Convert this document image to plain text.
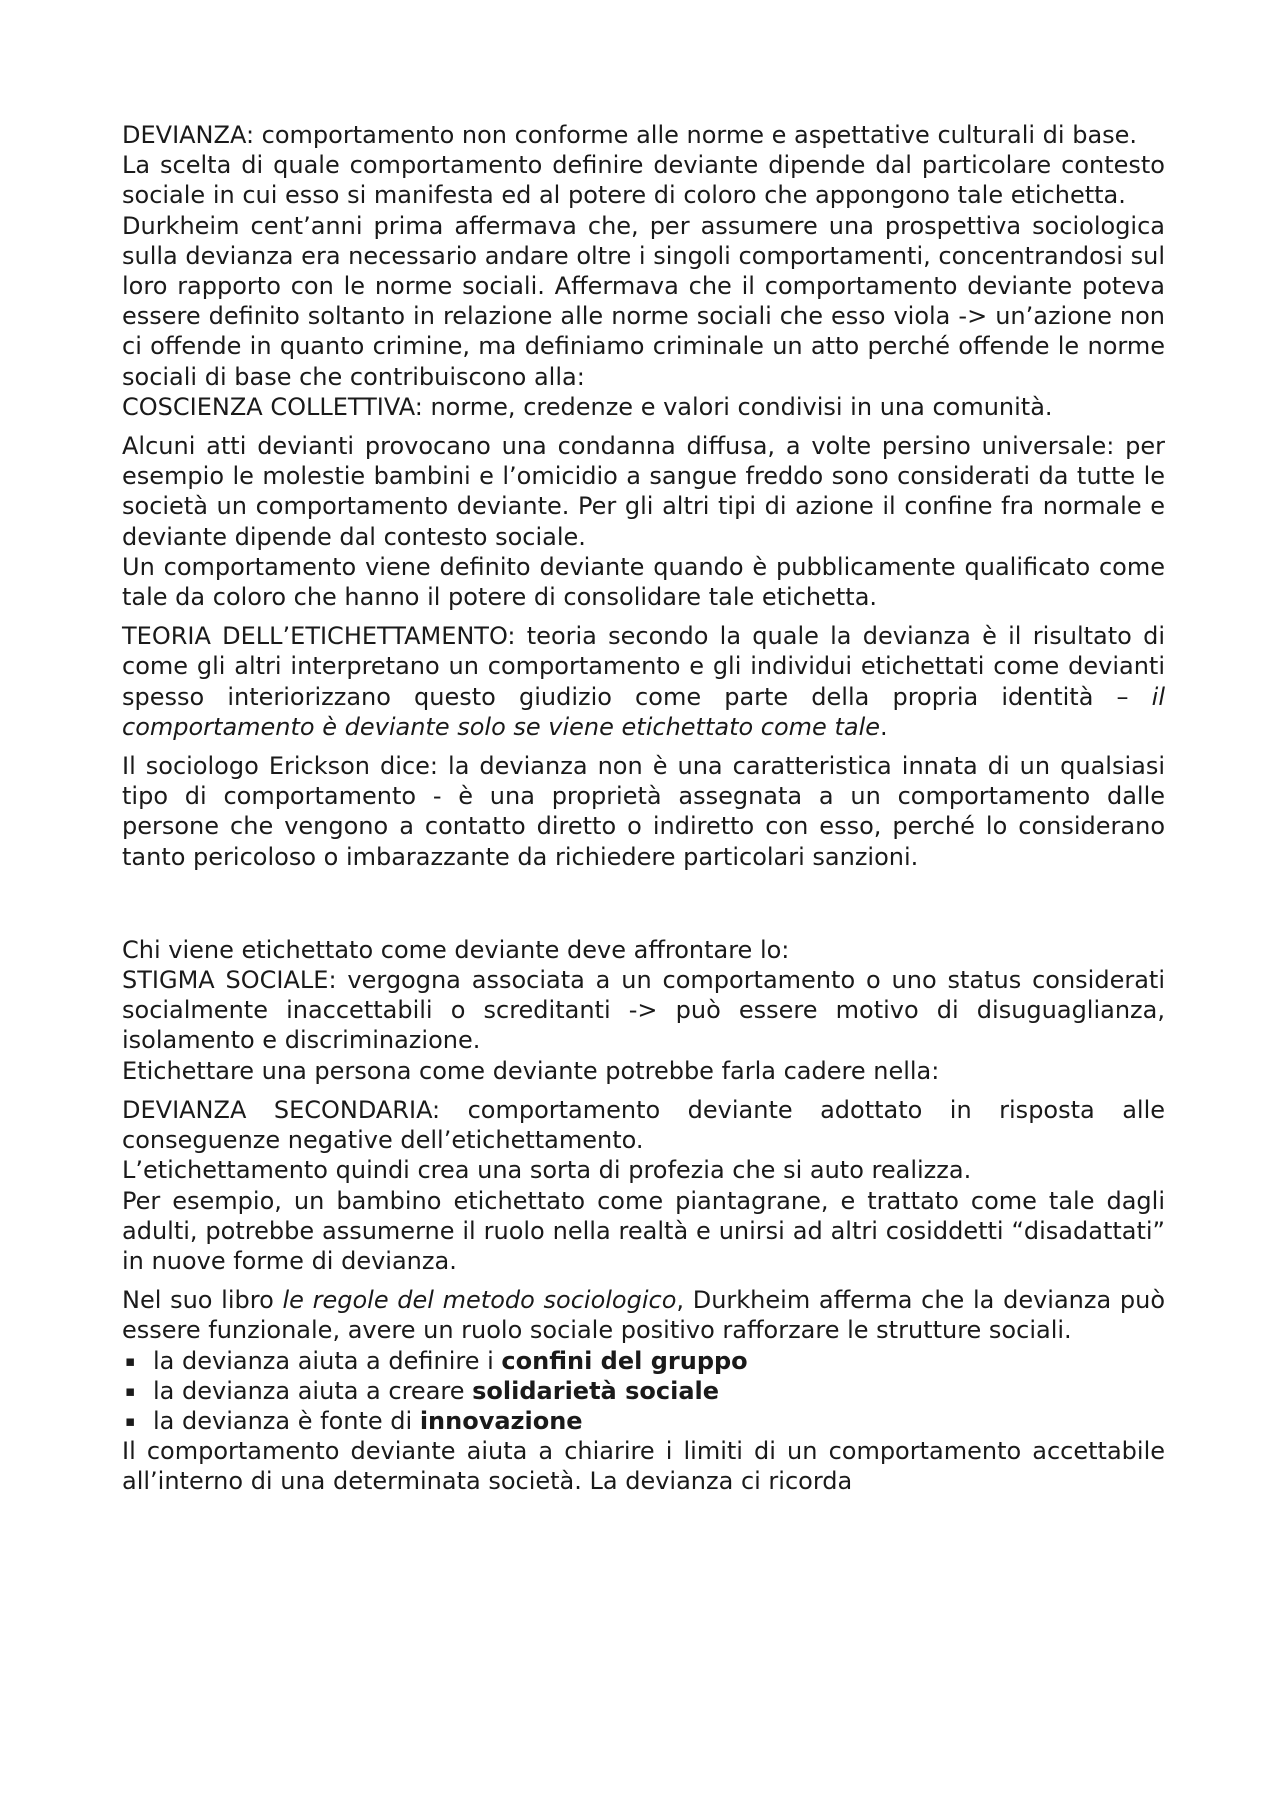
DEVIANZA: comportamento non conforme alle norme e aspettative culturali di base.

La scelta di quale comportamento definire deviante dipende dal particolare contesto sociale in cui esso si manifesta ed al potere di coloro che appongono tale etichetta.

Durkheim cent’anni prima affermava che, per assumere una prospettiva sociologica sulla devianza era necessario andare oltre i singoli comportamenti, concentrandosi sul loro rapporto con le norme sociali. Affermava che il comportamento deviante poteva essere definito soltanto in relazione alle norme sociali che esso viola -> un’azione non ci offende in quanto crimine, ma definiamo criminale un atto perché offende le norme sociali di base che contribuiscono alla:

COSCIENZA COLLETTIVA: norme, credenze e valori condivisi in una comunità.

Alcuni atti devianti provocano una condanna diffusa, a volte persino universale: per esempio le molestie bambini e l’omicidio a sangue freddo sono considerati da tutte le società un comportamento deviante. Per gli altri tipi di azione il confine fra normale e deviante dipende dal contesto sociale.

Un comportamento viene definito deviante quando è pubblicamente qualificato come tale da coloro che hanno il potere di consolidare tale etichetta.

TEORIA DELL’ETICHETTAMENTO: teoria secondo la quale la devianza è il risultato di come gli altri interpretano un comportamento e gli individui etichettati come devianti spesso interiorizzano questo giudizio come parte della propria identità – il comportamento è deviante solo se viene etichettato come tale.

Il sociologo Erickson dice: la devianza non è una caratteristica innata di un qualsiasi tipo di comportamento - è una proprietà assegnata a un comportamento dalle persone che vengono a contatto diretto o indiretto con esso, perché lo considerano tanto pericoloso o imbarazzante da richiedere particolari sanzioni.

Chi viene etichettato come deviante deve affrontare lo:

STIGMA SOCIALE: vergogna associata a un comportamento o uno status considerati socialmente inaccettabili o screditanti -> può essere motivo di disuguaglianza, isolamento e discriminazione.

Etichettare una persona come deviante potrebbe farla cadere nella:

DEVIANZA SECONDARIA: comportamento deviante adottato in risposta alle conseguenze negative dell’etichettamento.

L’etichettamento quindi crea una sorta di profezia che si auto realizza.

Per esempio, un bambino etichettato come piantagrane, e trattato come tale dagli adulti, potrebbe assumerne il ruolo nella realtà e unirsi ad altri cosiddetti “disadattati” in nuove forme di devianza.

Nel suo libro le regole del metodo sociologico, Durkheim afferma che la devianza può essere funzionale, avere un ruolo sociale positivo rafforzare le strutture sociali.

▪ la devianza aiuta a definire i confini del gruppo
▪ la devianza aiuta a creare solidarietà sociale
▪ la devianza è fonte di innovazione

Il comportamento deviante aiuta a chiarire i limiti di un comportamento accettabile all’interno di una determinata società. La devianza ci ricorda
